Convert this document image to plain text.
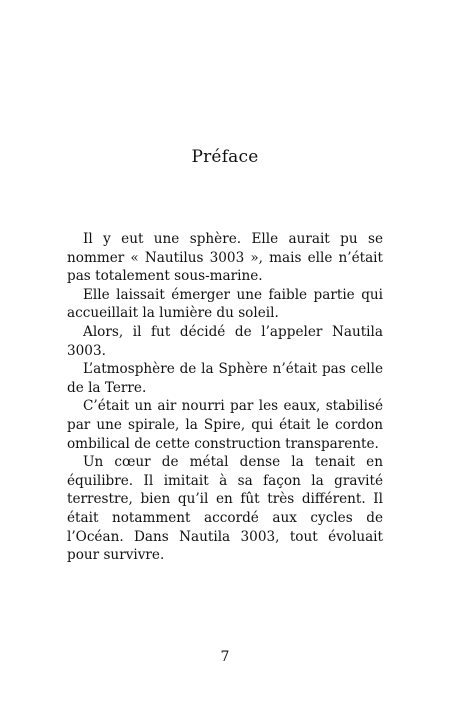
Préface

Il y eut une sphère. Elle aurait pu se nommer « Nautilus 3003 », mais elle n’était pas totalement sous-marine.

Elle laissait émerger une faible partie qui accueillait la lumière du soleil.

Alors, il fut décidé de l’appeler Nautila 3003.

L’atmosphère de la Sphère n’était pas celle de la Terre.

C’était un air nourri par les eaux, stabilisé par une spirale, la Spire, qui était le cordon ombilical de cette construction transparente.

Un cœur de métal dense la tenait en équilibre. Il imitait à sa façon la gravité terrestre, bien qu’il en fût très différent. Il était notamment accordé aux cycles de l’Océan. Dans Nautila 3003, tout évoluait pour survivre.

7
